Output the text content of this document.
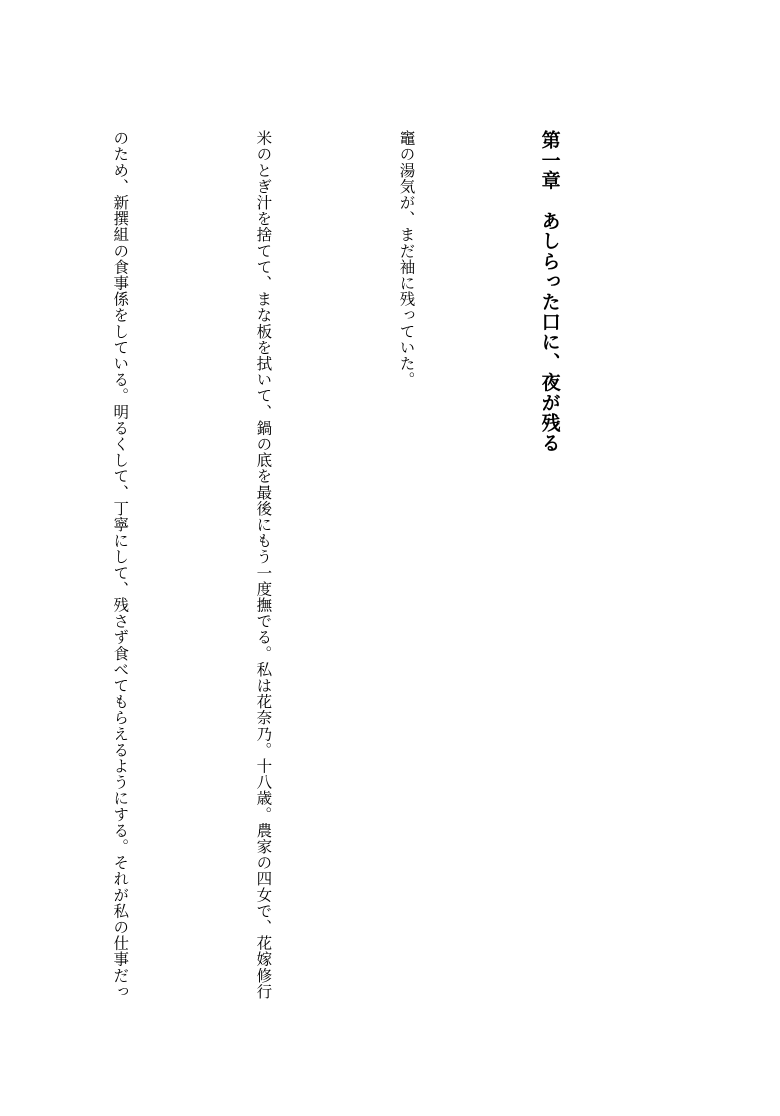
第一章　あしらった口に、夜が残る

竈の湯気が、まだ袖に残っていた。

米のとぎ汁を捨てて、まな板を拭いて、鍋の底を最後にもう一度撫でる。私は花奈乃。十八歳。農家の四女で、花嫁修行

のため、新撰組の食事係をしている。明るくして、丁寧にして、残さず食べてもらえるようにする。それが私の仕事だっ
